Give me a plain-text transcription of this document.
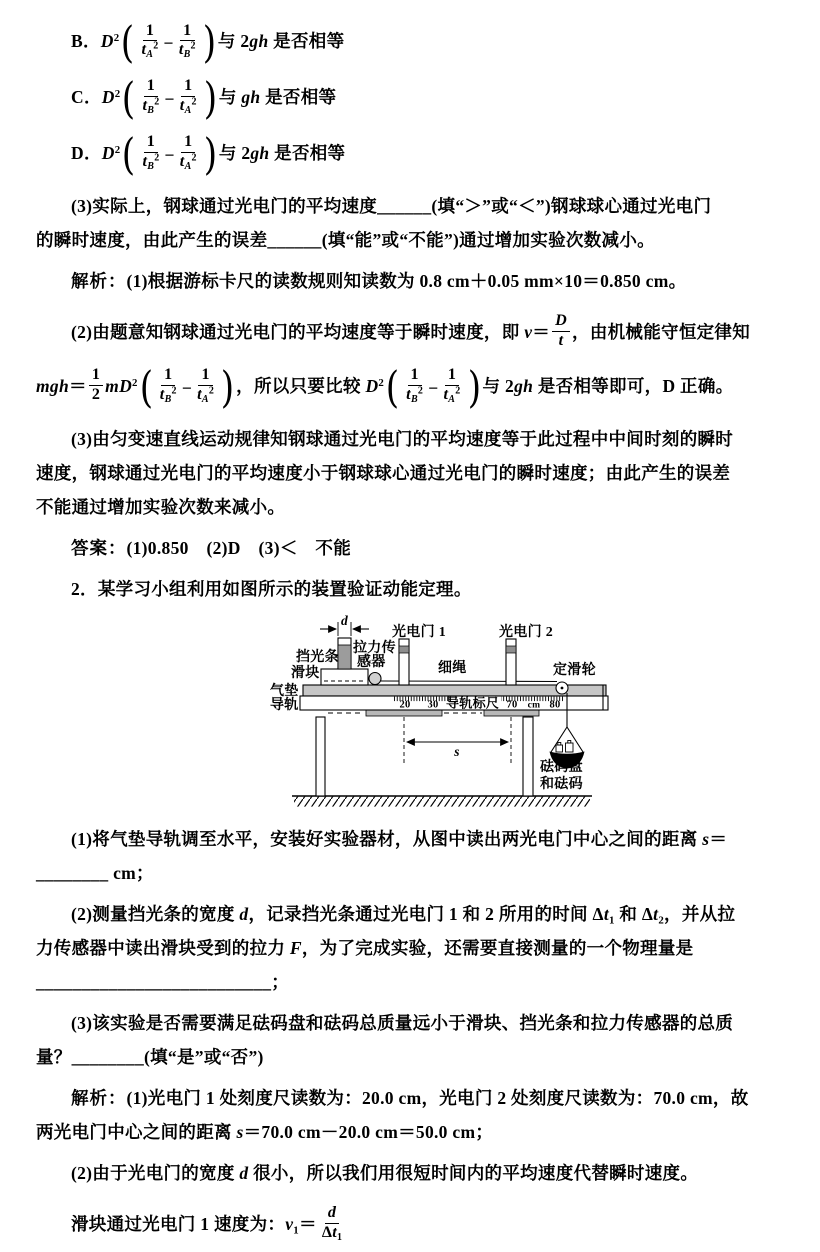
B．$D^2$ ( $\frac{1}{t_A^2} - \frac{1}{t_B^2}$
) 与 2gh 是否相等
C．$D^2$ ( $\frac{1}{t_B^2} - \frac{1}{t_A^2}$
) 与 gh 是否相等
D．$D^2$ ( $\frac{1}{t_B^2} - \frac{1}{t_A^2}$
) 与 2gh 是否相等
(3)实际上，钢球通过光电门的平均速度______(填“＞”或“＜”)钢球球心通过光电门
的瞬时速度，由此产生的误差______(填“能”或“不能”)通过增加实验次数减小。
解析：(1)根据游标卡尺的读数规则知读数为 0.8 cm＋0.05 mm×10＝0.850 cm。
(2)由题意知钢球通过光电门的平均速度等于瞬时速度，即 $v= \frac{D}{t}$ ，由机械能守恒定律知
$mgh= \frac{1}{2} mD^2$ ( $\frac{1}{t_B^2} - \frac{1}{t_A^2}$
) ，所以只要比较 $D^2$ ( $\frac{1}{t_B^2} - \frac{1}{t_A^2}$
) 与 2gh 是否相等即可，D 正确。
(3)由匀变速直线运动规律知钢球通过光电门的平均速度等于此过程中中间时刻的瞬时
速度，钢球通过光电门的平均速度小于钢球球心通过光电门的瞬时速度；由此产生的误差
不能通过增加实验次数来减小。
答案：(1)0.850　(2)D　(3)＜　不能
2．某学习小组利用如图所示的装置验证动能定理。
d
光电门 1	光电门 2
拉力传
感器
挡光条
滑块
气垫
导轨
细绳	定滑轮
20 30 导轨标尺 70 cm 80
s
砝码盘
和砝码
(1)将气垫导轨调至水平，安装好实验器材，从图中读出两光电门中心之间的距离 s＝
________ cm；
(2)测量挡光条的宽度 d，记录挡光条通过光电门 1 和 2 所用的时间 $\Delta t_1$ 和 $\Delta t_2$，并从拉
力传感器中读出滑块受到的拉力 F，为了完成实验，还需要直接测量的一个物理量是
__________________________；
(3)该实验是否需要满足砝码盘和砝码总质量远小于滑块、挡光条和拉力传感器的总质
量？________(填“是”或“否”)
解析：(1)光电门 1 处刻度尺读数为：20.0 cm，光电门 2 处刻度尺读数为：70.0 cm，故
两光电门中心之间的距离 s＝70.0 cm－20.0 cm＝50.0 cm；
(2)由于光电门的宽度 d 很小，所以我们用很短时间内的平均速度代替瞬时速度。
滑块通过光电门 1 速度为：$v_1= \frac{d}{\Delta t_1}$
